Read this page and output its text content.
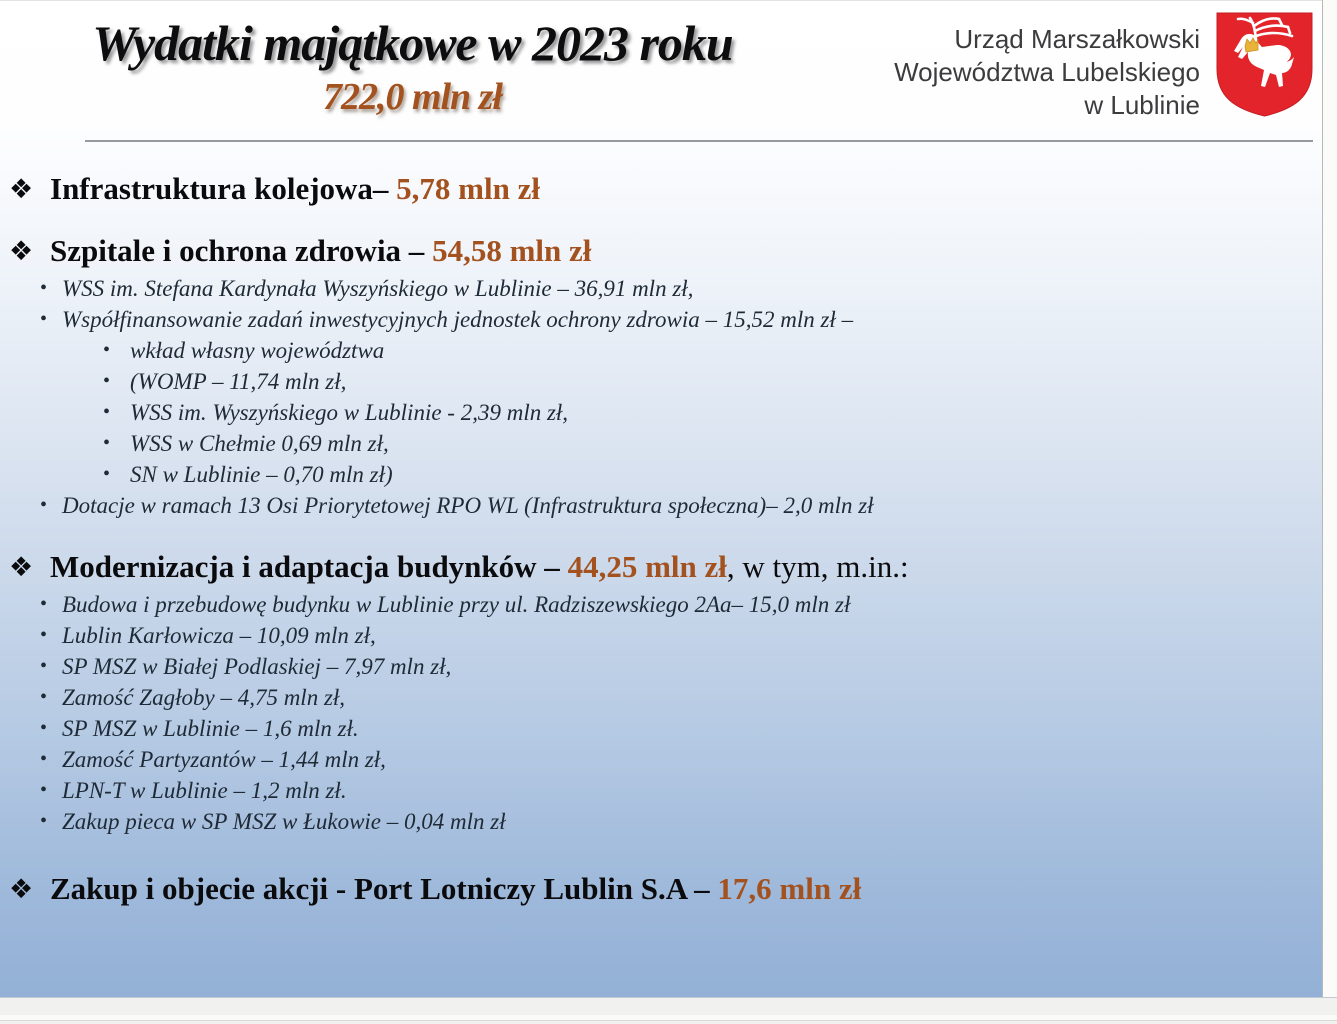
Wydatki majątkowe w 2023 roku
722,0 mln zł
Urząd Marszałkowski
Województwa Lubelskiego
w Lublinie
❖ Infrastruktura kolejowa– 5,78 mln zł
❖ Szpitale i ochrona zdrowia – 54,58 mln zł
• WSS im. Stefana Kardynała Wyszyńskiego w Lublinie – 36,91 mln zł,
• Współfinansowanie zadań inwestycyjnych jednostek ochrony zdrowia – 15,52 mln zł –
• wkład własny województwa
• (WOMP – 11,74 mln zł,
• WSS im. Wyszyńskiego w Lublinie - 2,39 mln zł,
• WSS w Chełmie 0,69 mln zł,
• SN w Lublinie – 0,70 mln zł)
• Dotacje w ramach 13 Osi Priorytetowej RPO WL (Infrastruktura społeczna)– 2,0 mln zł
❖ Modernizacja i adaptacja budynków – 44,25 mln zł, w tym, m.in.:
• Budowa i przebudowę budynku w Lublinie przy ul. Radziszewskiego 2Aa– 15,0 mln zł
• Lublin Karłowicza – 10,09 mln zł,
• SP MSZ w Białej Podlaskiej – 7,97 mln zł,
• Zamość Zagłoby – 4,75 mln zł,
• SP MSZ w Lublinie – 1,6 mln zł.
• Zamość Partyzantów – 1,44 mln zł,
• LPN-T w Lublinie – 1,2 mln zł.
• Zakup pieca w SP MSZ w Łukowie – 0,04 mln zł
❖ Zakup i objecie akcji - Port Lotniczy Lublin S.A – 17,6 mln zł
